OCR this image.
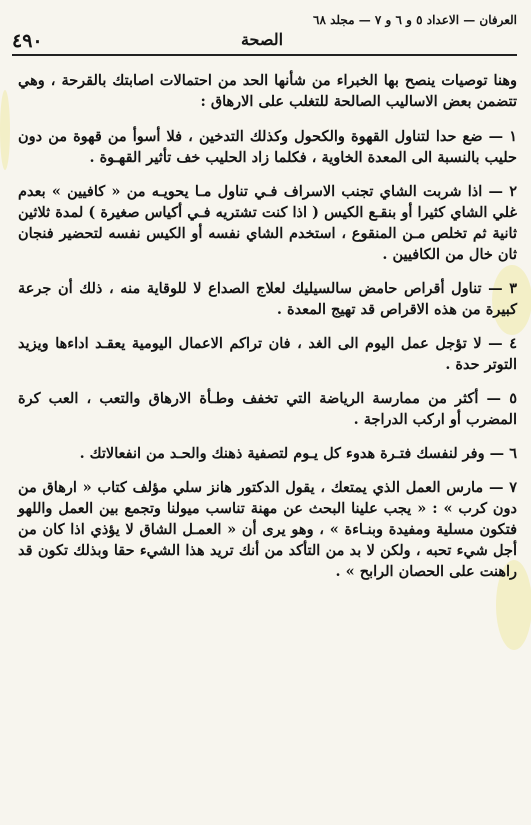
العرفان — الاعداد ٥ و ٦ و ٧ — مجلد ٦٨
٤٩٠	الصحة

وهنا توصيات ينصح بها الخبراء من شأنها الحد من احتمالات اصابتك بالقرحة ، وهي تتضمن بعض الاساليب الصالحة للتغلب على الارهاق :

١ — ضع حدا لتناول القهوة والكحول وكذلك التدخين ، فلا أسوأ من قهوة من دون حليب بالنسبة الى المعدة الخاوية ، فكلما زاد الحليب خف تأثير القهـوة .

٢ — اذا شربت الشاي تجنب الاسراف فـي تناول مـا يحويـه من « كافيين » بعدم غلي الشاي كثيرا أو بنقـع الكيس ( اذا كنت تشتريه فـي أكياس صغيرة ) لمدة ثلاثين ثانية ثم تخلص مـن المنقوع ، استخدم الشاي نفسه أو الكيس نفسه لتحضير فنجان ثان خال من الكافيين .

٣ — تناول أقراص حامض سالسيليك لعلاج الصداع لا للوقاية منه ، ذلك أن جرعة كبيرة من هذه الاقراص قد تهيج المعدة .

٤ — لا تؤجل عمل اليوم الى الغد ، فان تراكم الاعمال اليومية يعقـد اداءها ويزيد التوتر حدة .

٥ — أكثر من ممارسة الرياضة التي تخفف وطـأة الارهاق والتعب ، العب كرة المضرب أو اركب الدراجة .

٦ — وفر لنفسك فتـرة هدوء كل يـوم لتصفية ذهنك والحـد من انفعالاتك .

٧ — مارس العمل الذي يمتعك ، يقول الدكتور هانز سلي مؤلف كتاب « ارهاق من دون كرب » : « يجب علينا البحث عن مهنة تناسب ميولنا وتجمع بين العمل واللهو فتكون مسلية ومفيدة وبنـاءة » ، وهو يرى أن « العمـل الشاق لا يؤذي اذا كان من أجل شيء تحبه ، ولكن لا بد من التأكد من أنك تريد هذا الشيء حقا وبذلك تكون قد راهنت على الحصان الرابح » .
